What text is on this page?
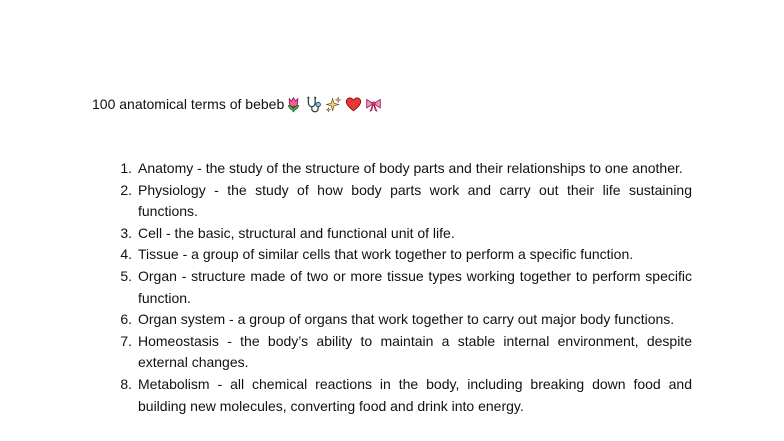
100 anatomical terms of bebeb
1. Anatomy - the study of the structure of body parts and their relationships to one another.
2. Physiology - the study of how body parts work and carry out their life sustaining functions.
3. Cell - the basic, structural and functional unit of life.
4. Tissue - a group of similar cells that work together to perform a specific function.
5. Organ - structure made of two or more tissue types working together to perform specific function.
6. Organ system - a group of organs that work together to carry out major body functions.
7. Homeostasis - the body’s ability to maintain a stable internal environment, despite external changes.
8. Metabolism - all chemical reactions in the body, including breaking down food and building new molecules, converting food and drink into energy.
